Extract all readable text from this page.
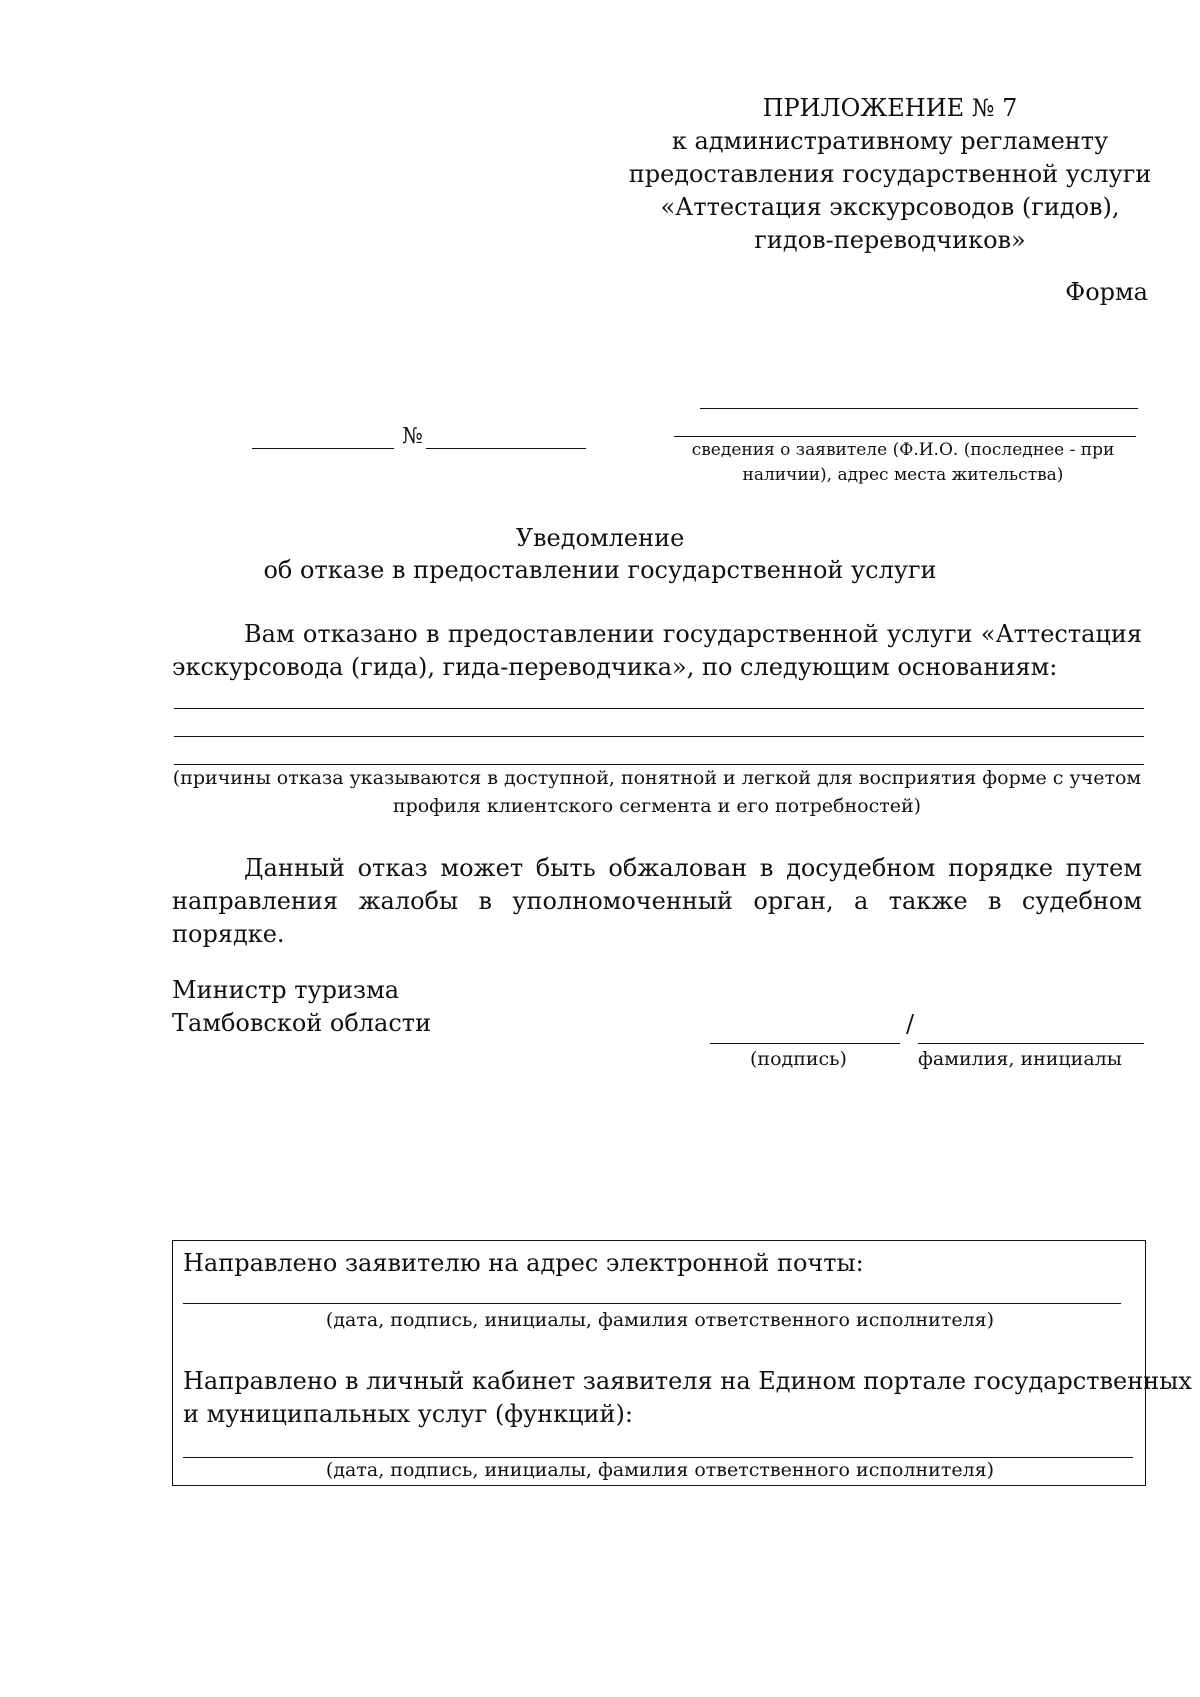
ПРИЛОЖЕНИЕ № 7
к административному регламенту
предоставления государственной услуги
«Аттестация экскурсоводов (гидов),
гидов-переводчиков»
Форма
сведения о заявителе (Ф.И.О. (последнее - при
наличии), адрес места жительства)
№
Уведомление
об отказе в предоставлении государственной услуги
Вам отказано в предоставлении государственной услуги «Аттестация экскурсовода (гида), гида-переводчика», по следующим основаниям:
(причины отказа указываются в доступной, понятной и легкой для восприятия форме с учетом профиля клиентского сегмента и его потребностей)
Данный отказ может быть обжалован в досудебном порядке путем направления жалобы в уполномоченный орган, а также в судебном порядке.
Министр туризма
Тамбовской области	/
(подпись)	фамилия, инициалы
Направлено заявителю на адрес электронной почты:
(дата, подпись, инициалы, фамилия ответственного исполнителя)
Направлено в личный кабинет заявителя на Едином портале государственных
и муниципальных услуг (функций):
(дата, подпись, инициалы, фамилия ответственного исполнителя)
